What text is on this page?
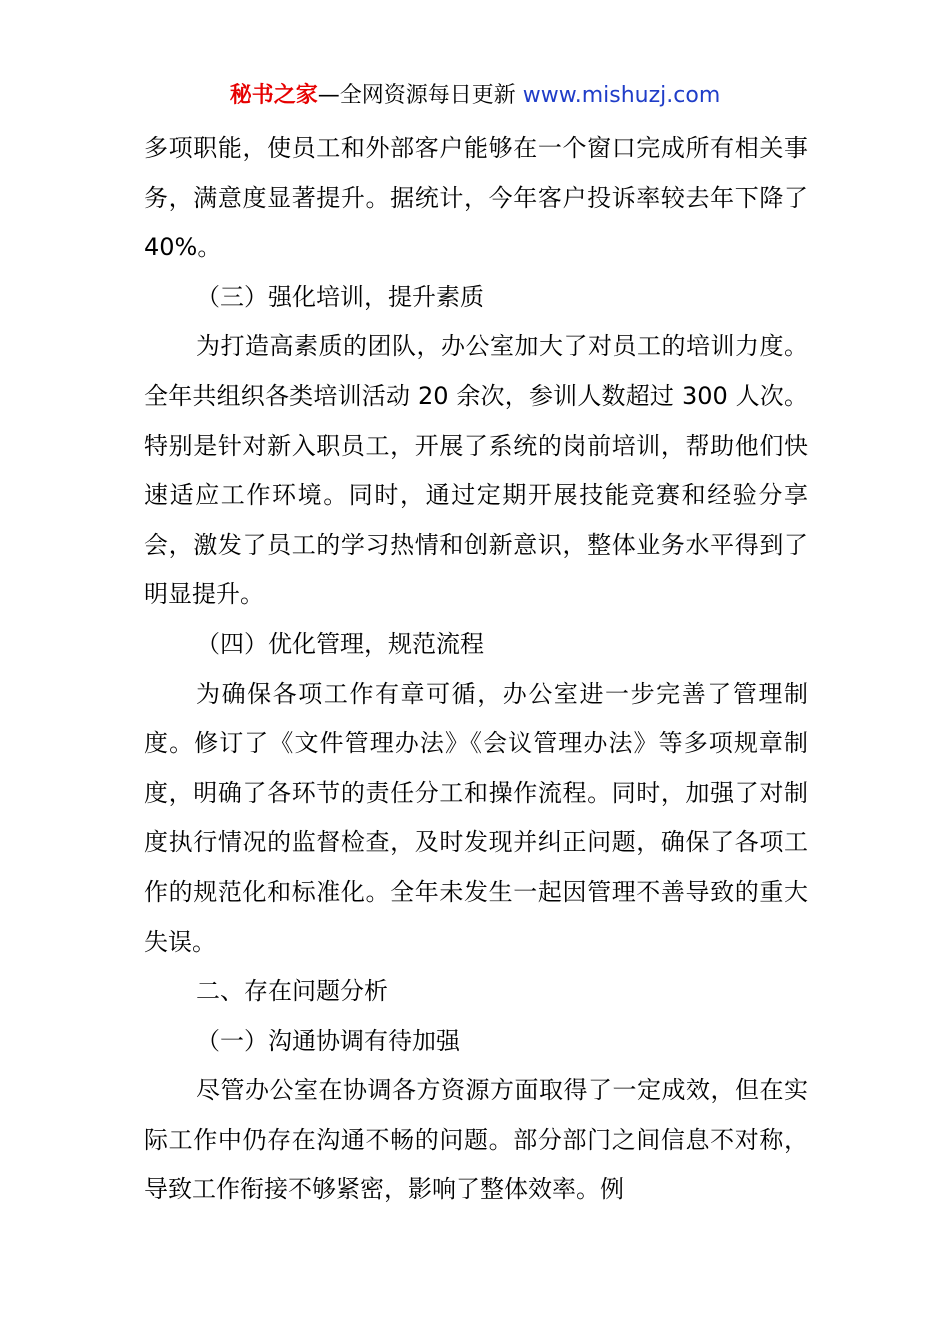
秘书之家—全网资源每日更新 www.mishuzj.com

多项职能，使员工和外部客户能够在一个窗口完成所有相关事务，满意度显著提升。据统计，今年客户投诉率较去年下降了 40%。

（三）强化培训，提升素质

为打造高素质的团队，办公室加大了对员工的培训力度。全年共组织各类培训活动 20 余次，参训人数超过 300 人次。特别是针对新入职员工，开展了系统的岗前培训，帮助他们快速适应工作环境。同时，通过定期开展技能竞赛和经验分享会，激发了员工的学习热情和创新意识，整体业务水平得到了明显提升。

（四）优化管理，规范流程

为确保各项工作有章可循，办公室进一步完善了管理制度。修订了《文件管理办法》《会议管理办法》等多项规章制度，明确了各环节的责任分工和操作流程。同时，加强了对制度执行情况的监督检查，及时发现并纠正问题，确保了各项工作的规范化和标准化。全年未发生一起因管理不善导致的重大失误。

二、存在问题分析

（一）沟通协调有待加强

尽管办公室在协调各方资源方面取得了一定成效，但在实际工作中仍存在沟通不畅的问题。部分部门之间信息不对称，导致工作衔接不够紧密，影响了整体效率。例
